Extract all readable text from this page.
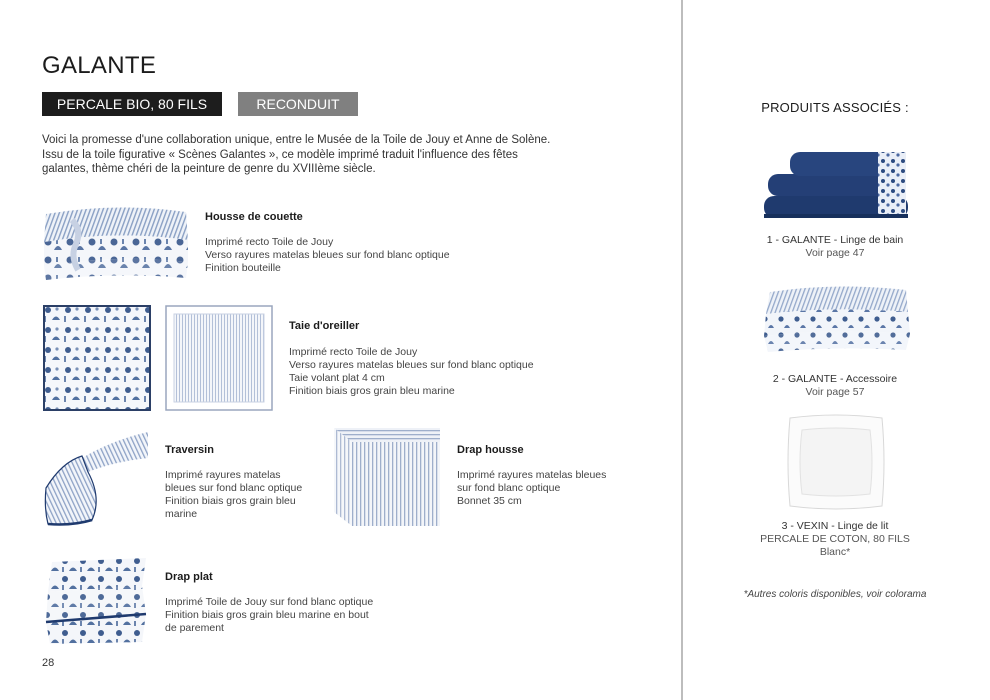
GALANTE
PERCALE BIO, 80 FILS	RECONDUIT
Voici la promesse d'une collaboration unique, entre le Musée de la Toile de Jouy et Anne de Solène.
Issu de la toile figurative « Scènes Galantes », ce modèle imprimé traduit l'influence des fêtes
galantes, thème chéri de la peinture de genre du XVIIIème siècle.

Housse de couette

Imprimé recto Toile de Jouy
Verso rayures matelas bleues sur fond blanc optique
Finition bouteille

Taie d'oreiller

Imprimé recto Toile de Jouy
Verso rayures matelas bleues sur fond blanc optique
Taie volant plat 4 cm
Finition biais gros grain bleu marine

Traversin

Imprimé rayures matelas
bleues sur fond blanc optique
Finition biais gros grain bleu
marine

Drap housse

Imprimé rayures matelas bleues
sur fond blanc optique
Bonnet 35 cm

Drap plat

Imprimé Toile de Jouy sur fond blanc optique
Finition biais gros grain bleu marine en bout
de parement
28

PRODUITS ASSOCIÉS :

1 - GALANTE - Linge de bain
Voir page 47
2 - GALANTE - Accessoire
Voir page 57
3 - VEXIN - Linge de lit
PERCALE DE COTON, 80 FILS
Blanc*
*Autres coloris disponibles, voir colorama
